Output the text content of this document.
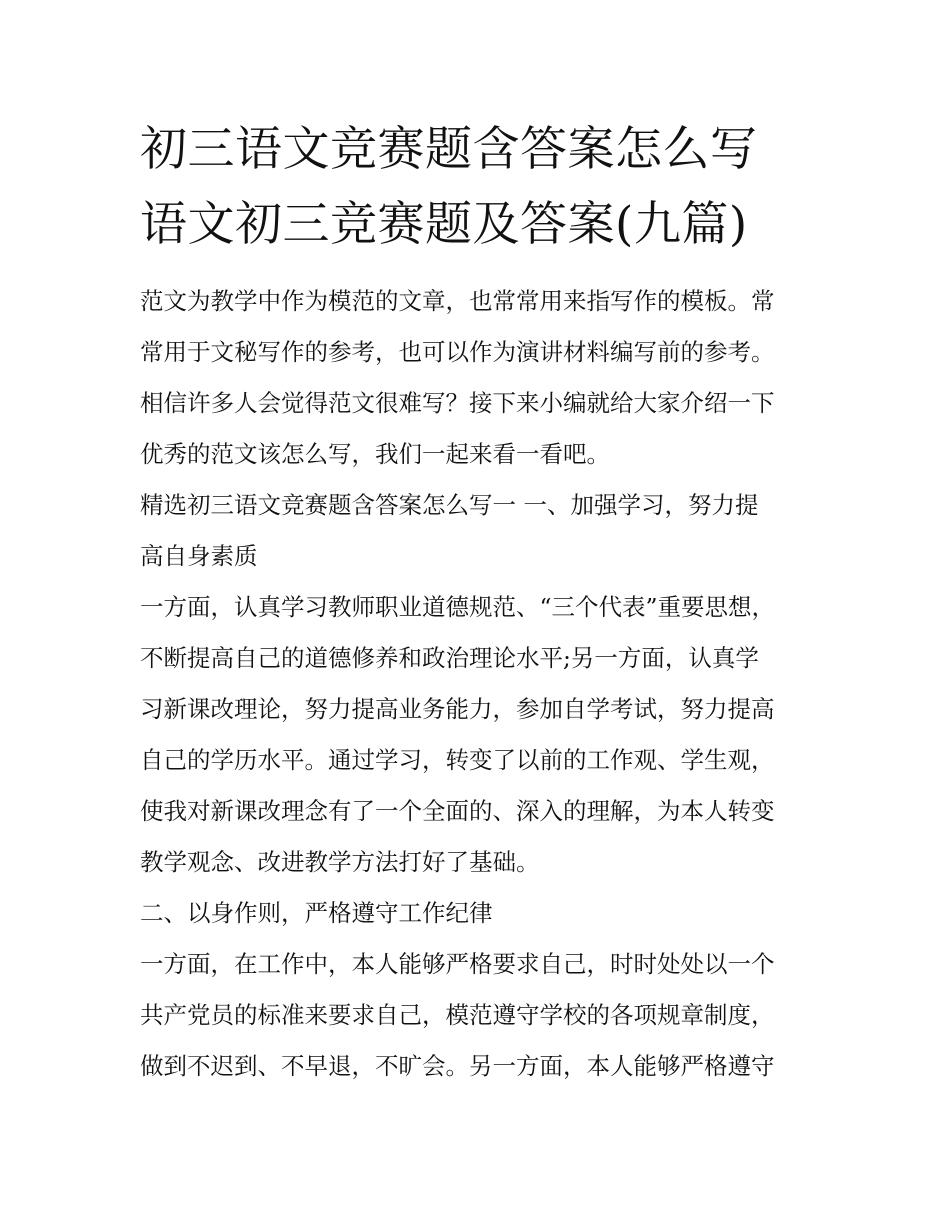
初三语文竞赛题含答案怎么写
语文初三竞赛题及答案(九篇)
范文为教学中作为模范的文章，也常常用来指写作的模板。常
常用于文秘写作的参考，也可以作为演讲材料编写前的参考。
相信许多人会觉得范文很难写？接下来小编就给大家介绍一下
优秀的范文该怎么写，我们一起来看一看吧。
精选初三语文竞赛题含答案怎么写一 一、加强学习，努力提
高自身素质
一方面，认真学习教师职业道德规范、“三个代表”重要思想，
不断提高自己的道德修养和政治理论水平;另一方面，认真学
习新课改理论，努力提高业务能力，参加自学考试，努力提高
自己的学历水平。通过学习，转变了以前的工作观、学生观，
使我对新课改理念有了一个全面的、深入的理解，为本人转变
教学观念、改进教学方法打好了基础。
二、以身作则，严格遵守工作纪律
一方面，在工作中，本人能够严格要求自己，时时处处以一个
共产党员的标准来要求自己，模范遵守学校的各项规章制度，
做到不迟到、不早退，不旷会。另一方面，本人能够严格遵守
